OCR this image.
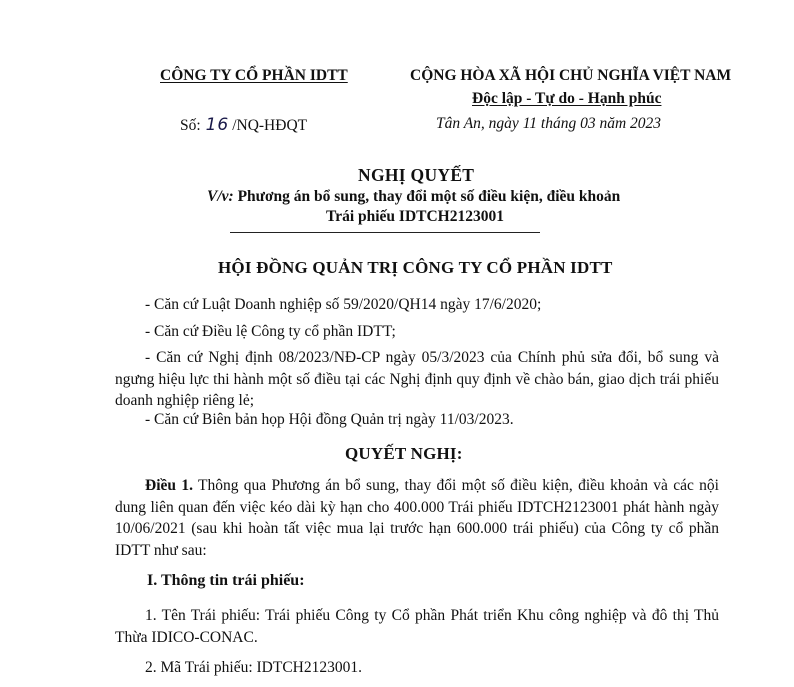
CÔNG TY CỔ PHẦN IDTT	CỘNG HÒA XÃ HỘI CHỦ NGHĨA VIỆT NAM
Độc lập - Tự do - Hạnh phúc
Số: 16 /NQ-HĐQT	Tân An, ngày 11 tháng 03 năm 2023
NGHỊ QUYẾT
V/v: Phương án bổ sung, thay đổi một số điều kiện, điều khoản
Trái phiếu IDTCH2123001
HỘI ĐỒNG QUẢN TRỊ CÔNG TY CỔ PHẦN IDTT
- Căn cứ Luật Doanh nghiệp số 59/2020/QH14 ngày 17/6/2020;
- Căn cứ Điều lệ Công ty cổ phần IDTT;
- Căn cứ Nghị định 08/2023/NĐ-CP ngày 05/3/2023 của Chính phủ sửa đổi, bổ sung và ngưng hiệu lực thi hành một số điều tại các Nghị định quy định về chào bán, giao dịch trái phiếu doanh nghiệp riêng lẻ;
- Căn cứ Biên bản họp Hội đồng Quản trị ngày 11/03/2023.
QUYẾT NGHỊ:
Điều 1. Thông qua Phương án bổ sung, thay đổi một số điều kiện, điều khoản và các nội dung liên quan đến việc kéo dài kỳ hạn cho 400.000 Trái phiếu IDTCH2123001 phát hành ngày 10/06/2021 (sau khi hoàn tất việc mua lại trước hạn 600.000 trái phiếu) của Công ty cổ phần IDTT như sau:
I. Thông tin trái phiếu:
1. Tên Trái phiếu: Trái phiếu Công ty Cổ phần Phát triển Khu công nghiệp và đô thị Thủ Thừa IDICO-CONAC.
2. Mã Trái phiếu: IDTCH2123001.
